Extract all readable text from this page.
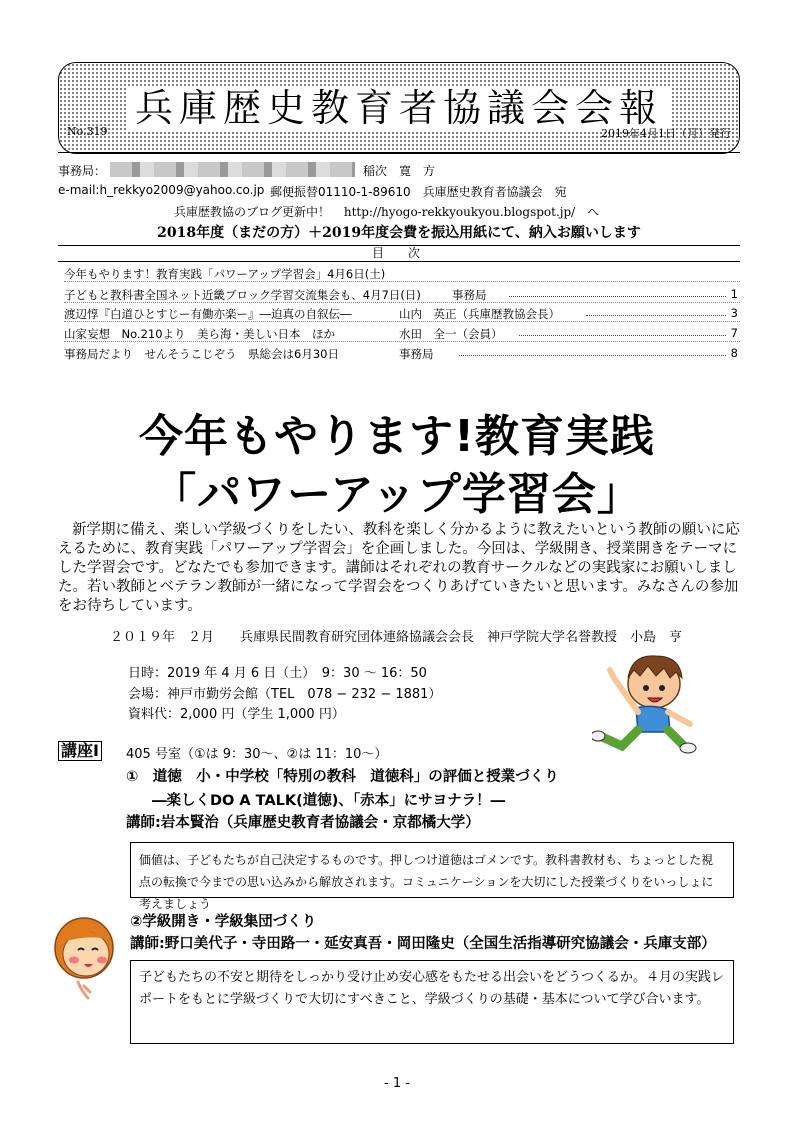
兵庫歴史教育者協議会会報
No.319	2019年4月1日（月）発行
事務局：	稲次　寛　方
e-mail:h_rekkyo2009@yahoo.co.jp 郵便振替01110-1-89610　兵庫歴史教育者協議会　宛
兵庫歴教協のブログ更新中！ http://hyogo-rekkyoukyou.blogspot.jp/ へ
2018年度（まだの方）＋2019年度会費を振込用紙にて、納入お願いします
目　次
今年もやります！教育実践「パワーアップ学習会」4月6日(土)
子どもと教科書全国ネット近畿ブロック学習交流集会も、4月7日(日)	事務局	1
渡辺惇『白道ひとすじー有働亦楽ー』―迫真の自叙伝―	山内　英正（兵庫歴教協会長）	3
山家妄想　No.210より　美ら海・美しい日本　ほか	水田　全一（会員）	7
事務局だより　せんそうこじぞう　県総会は6月30日	事務局	8
今年もやります!教育実践
「パワーアップ学習会」
新学期に備え、楽しい学級づくりをしたい、教科を楽しく分かるように教えたいという教師の願いに応えるために、教育実践「パワーアップ学習会」を企画しました。今回は、学級開き、授業開きをテーマにした学習会です。どなたでも参加できます。講師はそれぞれの教育サークルなどの実践家にお願いしました。若い教師とベテラン教師が一緒になって学習会をつくりあげていきたいと思います。みなさんの参加をお待ちしています。
２０１９年　２月　　兵庫県民間教育研究団体連絡協議会会長　神戸学院大学名誉教授　小島　亨
日時：2019 年 4 月 6 日（土）　9：30 〜 16：50
会場：神戸市勤労会館（TEL　078 − 232 − 1881）
資料代：2,000 円（学生 1,000 円）
講座Ⅰ 405 号室（①は 9：30〜、②は 11：10〜）
①　道徳　小・中学校「特別の教科　道徳科」の評価と授業づくり
―楽しくDO A TALK(道徳)、「赤本」にサヨナラ！―
講師:岩本賢治（兵庫歴史教育者協議会・京都橘大学）
価値は、子どもたちが自己決定するものです。押しつけ道徳はゴメンです。教科書教材も、ちょっとした視点の転換で今までの思い込みから解放されます。コミュニケーションを大切にした授業づくりをいっしょに考えましょう
②学級開き・学級集団づくり
講師:野口美代子・寺田路一・延安真吾・岡田隆史（全国生活指導研究協議会・兵庫支部）
子どもたちの不安と期待をしっかり受け止め安心感をもたせる出会いをどうつくるか。４月の実践レポートをもとに学級づくりで大切にすべきこと、学級づくりの基礎・基本について学び合います。
- 1 -
